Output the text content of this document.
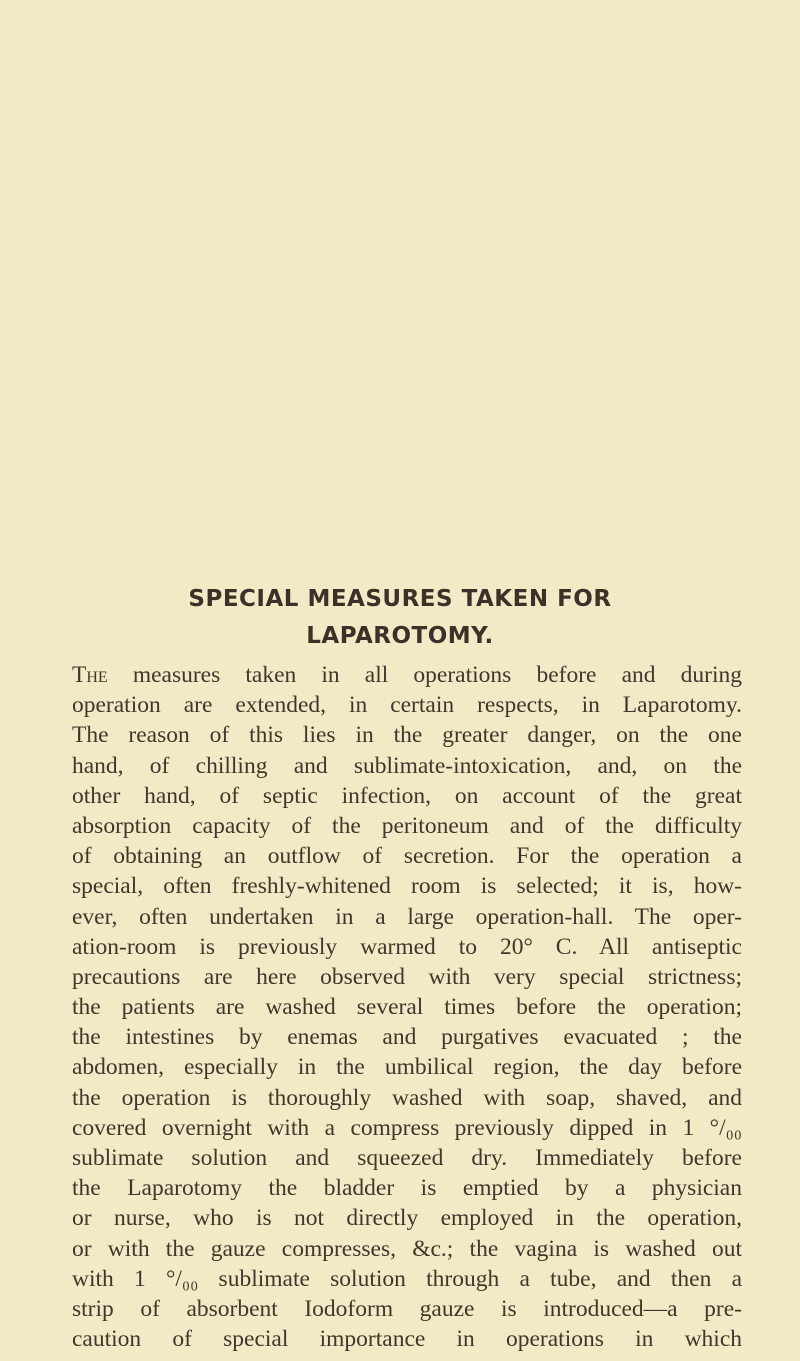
SPECIAL MEASURES TAKEN FOR
LAPAROTOMY.
The measures taken in all operations before and during
operation are extended, in certain respects, in Laparotomy.
The reason of this lies in the greater danger, on the one
hand, of chilling and sublimate-intoxication, and, on the
other hand, of septic infection, on account of the great
absorption capacity of the peritoneum and of the difficulty
of obtaining an outflow of secretion. For the operation a
special, often freshly-whitened room is selected; it is, how-
ever, often undertaken in a large operation-hall. The oper-
ation-room is previously warmed to 20° C. All antiseptic
precautions are here observed with very special strictness;
the patients are washed several times before the operation;
the intestines by enemas and purgatives evacuated ; the
abdomen, especially in the umbilical region, the day before
the operation is thoroughly washed with soap, shaved, and
covered overnight with a compress previously dipped in 1 °/₀₀
sublimate solution and squeezed dry. Immediately before
the Laparotomy the bladder is emptied by a physician
or nurse, who is not directly employed in the operation,
or with the gauze compresses, &c.; the vagina is washed out
with 1 °/₀₀ sublimate solution through a tube, and then a
strip of absorbent Iodoform gauze is introduced—a pre-
caution of special importance in operations in which
